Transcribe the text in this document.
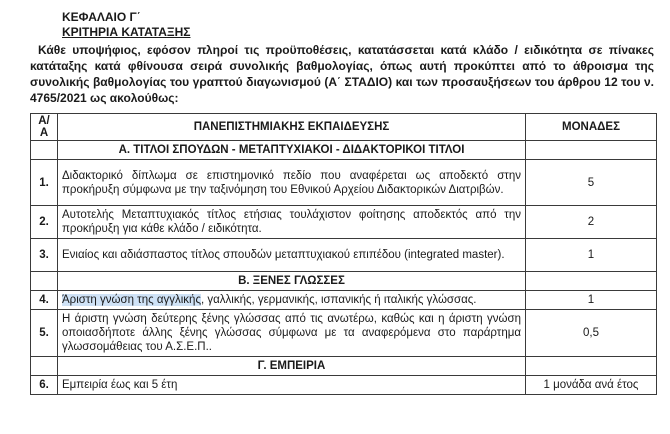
ΚΕΦΑΛΑΙΟ Γ΄
ΚΡΙΤΗΡΙΑ ΚΑΤΑΤΑΞΗΣ
Κάθε υποψήφιος, εφόσον πληροί τις προϋποθέσεις, κατατάσσεται κατά κλάδο / ειδικότητα σε πίνακες κατάταξης κατά φθίνουσα σειρά συνολικής βαθμολογίας, όπως αυτή προκύπτει από το άθροισμα της συνολικής βαθμολογίας του γραπτού διαγωνισμού (Α΄ ΣΤΑΔΙΟ) και των προσαυξήσεων του άρθρου 12 του ν. 4765/2021 ως ακολούθως:
Α/Α	ΠΑΝΕΠΙΣΤΗΜΙΑΚΗΣ ΕΚΠΑΙΔΕΥΣΗΣ	ΜΟΝΑΔΕΣ
	Α. ΤΙΤΛΟΙ ΣΠΟΥΔΩΝ - ΜΕΤΑΠΤΥΧΙΑΚΟΙ - ΔΙΔΑΚΤΟΡΙΚΟΙ ΤΙΤΛΟΙ	
1.	Διδακτορικό δίπλωμα σε επιστημονικό πεδίο που αναφέρεται ως αποδεκτό στην προκήρυξη σύμφωνα με την ταξινόμηση του Εθνικού Αρχείου Διδακτορικών Διατριβών.	5
2.	Αυτοτελής Μεταπτυχιακός τίτλος ετήσιας τουλάχιστον φοίτησης αποδεκτός από την προκήρυξη για κάθε κλάδο / ειδικότητα.	2
3.	Ενιαίος και αδιάσπαστος τίτλος σπουδών μεταπτυχιακού επιπέδου (integrated master).	1
	Β. ΞΕΝΕΣ ΓΛΩΣΣΕΣ	
4.	Άριστη γνώση της αγγλικής, γαλλικής, γερμανικής, ισπανικής ή ιταλικής γλώσσας.	1
5.	Η άριστη γνώση δεύτερης ξένης γλώσσας από τις ανωτέρω, καθώς και η άριστη γνώση οποιασδήποτε άλλης ξένης γλώσσας σύμφωνα με τα αναφερόμενα στο παράρτημα γλωσσομάθειας του Α.Σ.Ε.Π..	0,5
	Γ. ΕΜΠΕΙΡΙΑ	
6.	Εμπειρία έως και 5 έτη	1 μονάδα ανά έτος
